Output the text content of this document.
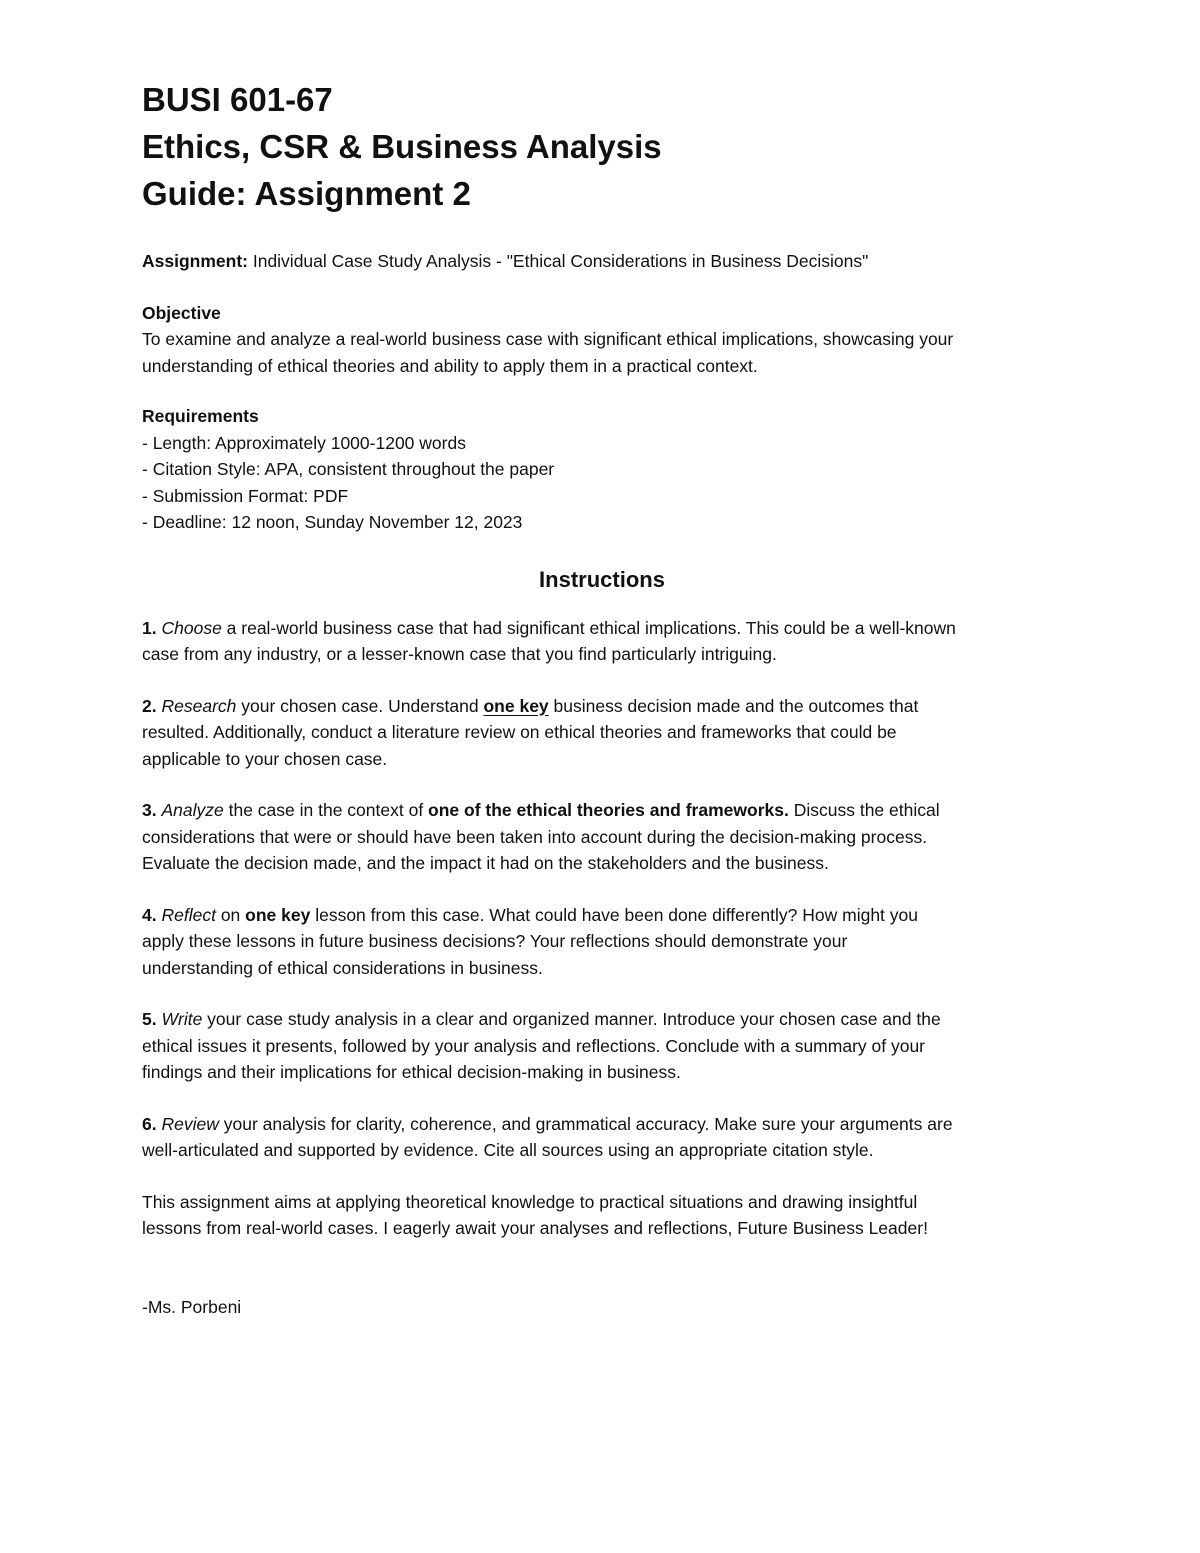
BUSI 601-67

Ethics, CSR & Business Analysis

Guide: Assignment 2

Assignment: Individual Case Study Analysis - "Ethical Considerations in Business Decisions"

Objective

To examine and analyze a real-world business case with significant ethical implications, showcasing your

understanding of ethical theories and ability to apply them in a practical context.

Requirements

- Length: Approximately 1000-1200 words

- Citation Style: APA, consistent throughout the paper

- Submission Format: PDF

- Deadline: 12 noon, Sunday November 12, 2023

Instructions

1. Choose a real-world business case that had significant ethical implications. This could be a well-known

case from any industry, or a lesser-known case that you find particularly intriguing.

2. Research your chosen case. Understand one key business decision made and the outcomes that

resulted. Additionally, conduct a literature review on ethical theories and frameworks that could be

applicable to your chosen case.

3. Analyze the case in the context of one of the ethical theories and frameworks. Discuss the ethical

considerations that were or should have been taken into account during the decision-making process.

Evaluate the decision made, and the impact it had on the stakeholders and the business.

4. Reflect on one key lesson from this case. What could have been done differently? How might you

apply these lessons in future business decisions? Your reflections should demonstrate your

understanding of ethical considerations in business.

5. Write your case study analysis in a clear and organized manner. Introduce your chosen case and the

ethical issues it presents, followed by your analysis and reflections. Conclude with a summary of your

findings and their implications for ethical decision-making in business.

6. Review your analysis for clarity, coherence, and grammatical accuracy. Make sure your arguments are

well-articulated and supported by evidence. Cite all sources using an appropriate citation style.

This assignment aims at applying theoretical knowledge to practical situations and drawing insightful

lessons from real-world cases. I eagerly await your analyses and reflections, Future Business Leader!

-Ms. Porbeni
